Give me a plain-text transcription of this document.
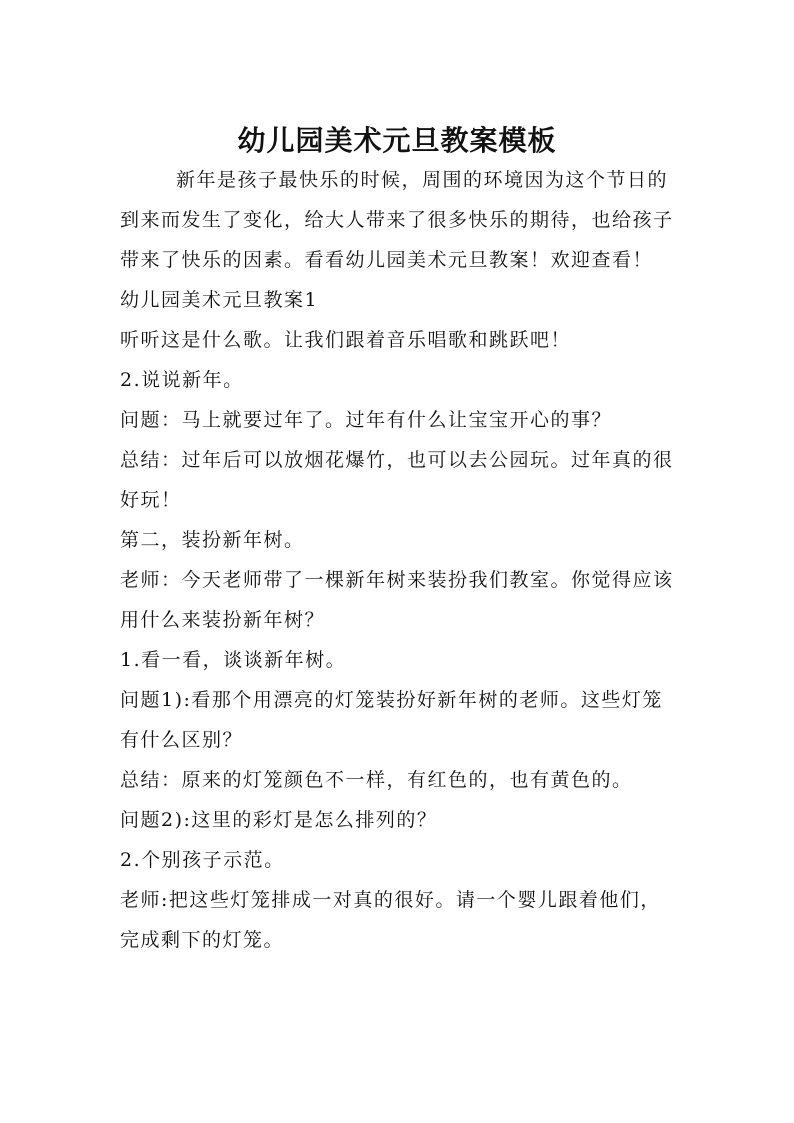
幼儿园美术元旦教案模板

新年是孩子最快乐的时候，周围的环境因为这个节日的到来而发生了变化，给大人带来了很多快乐的期待，也给孩子带来了快乐的因素。看看幼儿园美术元旦教案！欢迎查看！

幼儿园美术元旦教案1

听听这是什么歌。让我们跟着音乐唱歌和跳跃吧！

2.说说新年。

问题：马上就要过年了。过年有什么让宝宝开心的事？

总结：过年后可以放烟花爆竹，也可以去公园玩。过年真的很好玩！

第二，装扮新年树。

老师：今天老师带了一棵新年树来装扮我们教室。你觉得应该用什么来装扮新年树？

1.看一看，谈谈新年树。

问题1):看那个用漂亮的灯笼装扮好新年树的老师。这些灯笼有什么区别？

总结：原来的灯笼颜色不一样，有红色的，也有黄色的。

问题2):这里的彩灯是怎么排列的？

2.个别孩子示范。

老师:把这些灯笼排成一对真的很好。请一个婴儿跟着他们，完成剩下的灯笼。
